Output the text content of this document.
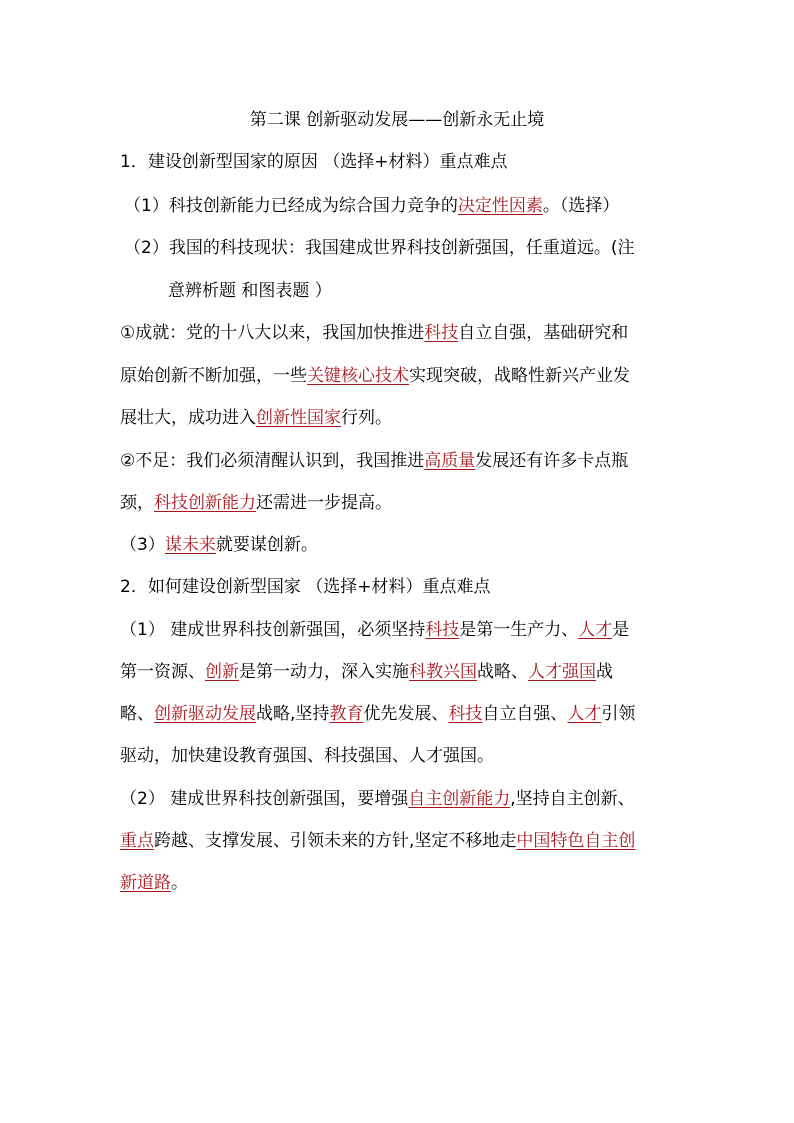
第二课 创新驱动发展——创新永无止境
1．建设创新型国家的原因 （选择+材料）重点难点
（1）科技创新能力已经成为综合国力竞争的决定性因素。（选择）
（2）我国的科技现状：我国建成世界科技创新强国，任重道远。(注
意辨析题 和图表题 ）
①成就：党的十八大以来，我国加快推进科技自立自强，基础研究和
原始创新不断加强，一些关键核心技术实现突破，战略性新兴产业发
展壮大，成功进入创新性国家行列。
②不足：我们必须清醒认识到，我国推进高质量发展还有许多卡点瓶
颈，科技创新能力还需进一步提高。
（3）谋未来就要谋创新。
2．如何建设创新型国家 （选择+材料）重点难点
（1） 建成世界科技创新强国，必须坚持科技是第一生产力、人才是
第一资源、创新是第一动力，深入实施科教兴国战略、人才强国战
略、创新驱动发展战略,坚持教育优先发展、科技自立自强、人才引领
驱动，加快建设教育强国、科技强国、人才强国。
（2） 建成世界科技创新强国，要增强自主创新能力,坚持自主创新、
重点跨越、支撑发展、引领未来的方针,坚定不移地走中国特色自主创
新道路。
